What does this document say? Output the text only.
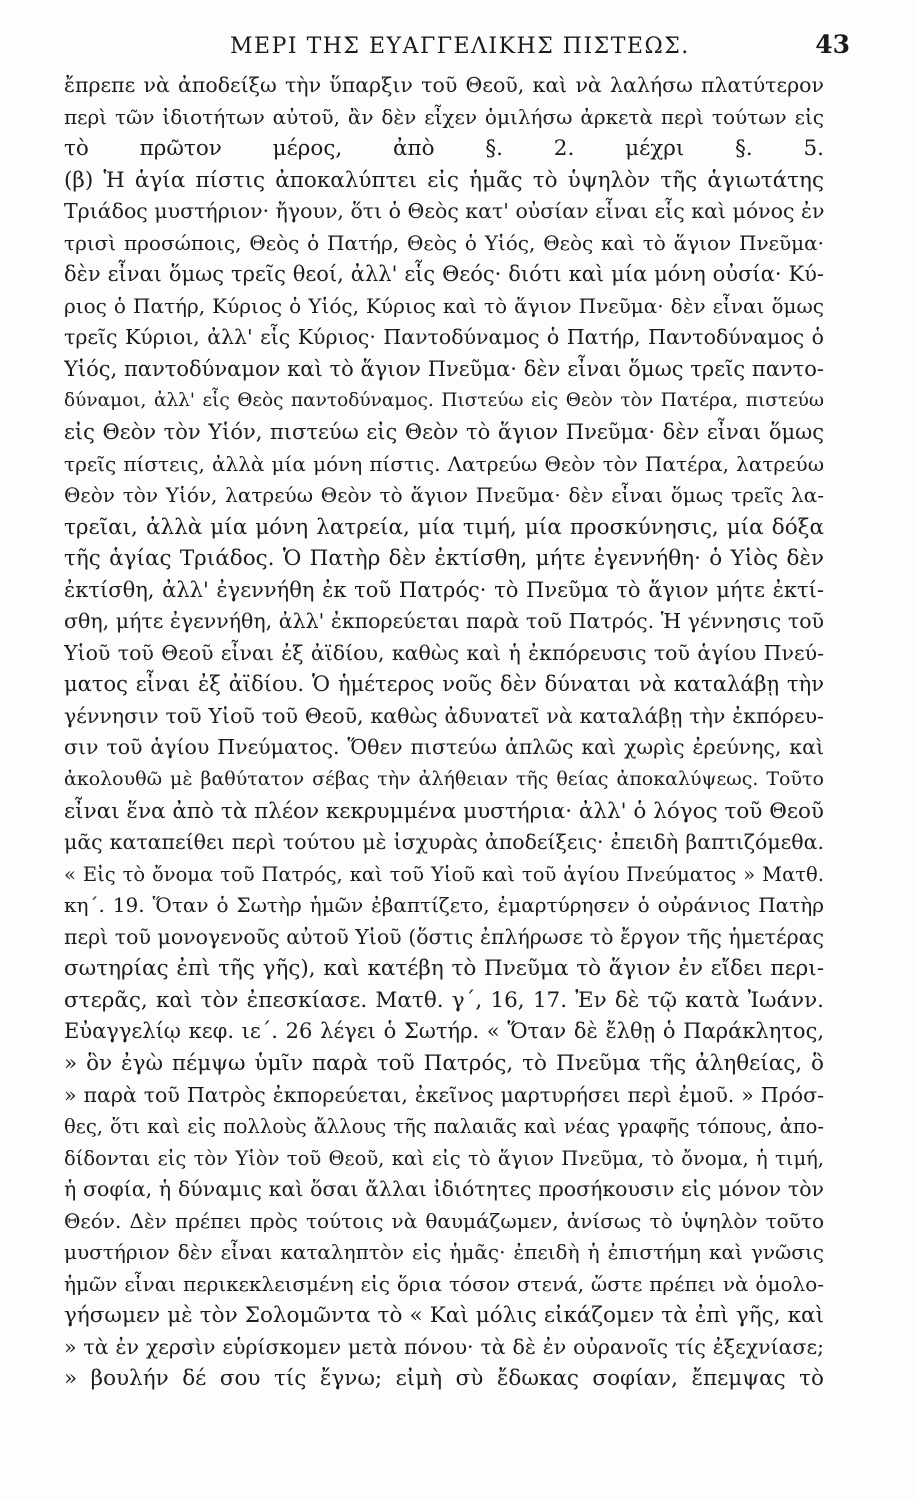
ΜΕΡΙ ΤΗΣ ΕΥΑΓΓΕΛΙΚΗΣ ΠΙΣΤΕΩΣ.	43
ἔπρεπε νὰ ἀποδείξω τὴν ὕπαρξιν τοῦ Θεοῦ, καὶ νὰ λαλήσω πλατύτερον
περὶ τῶν ἰδιοτήτων αὐτοῦ, ἂν δὲν εἶχεν ὁμιλήσω ἀρκετὰ περὶ τούτων εἰς
τὸ πρῶτον μέρος, ἀπὸ §. 2. μέχρι §. 5.
(β) Ἡ ἁγία πίστις ἀποκαλύπτει εἰς ἡμᾶς τὸ ὑψηλὸν τῆς ἁγιωτάτης
Τριάδος μυστήριον· ἤγουν, ὅτι ὁ Θεὸς κατ' οὐσίαν εἶναι εἷς καὶ μόνος ἐν
τρισὶ προσώποις, Θεὸς ὁ Πατήρ, Θεὸς ὁ Υἱός, Θεὸς καὶ τὸ ἅγιον Πνεῦμα·
δὲν εἶναι ὅμως τρεῖς θεοί, ἀλλ' εἷς Θεός· διότι καὶ μία μόνη οὐσία· Κύ-
ριος ὁ Πατήρ, Κύριος ὁ Υἱός, Κύριος καὶ τὸ ἅγιον Πνεῦμα· δὲν εἶναι ὅμως
τρεῖς Κύριοι, ἀλλ' εἷς Κύριος· Παντοδύναμος ὁ Πατήρ, Παντοδύναμος ὁ
Υἱός, παντοδύναμον καὶ τὸ ἅγιον Πνεῦμα· δὲν εἶναι ὅμως τρεῖς παντο-
δύναμοι, ἀλλ' εἷς Θεὸς παντοδύναμος. Πιστεύω εἰς Θεὸν τὸν Πατέρα, πιστεύω
εἰς Θεὸν τὸν Υἱόν, πιστεύω εἰς Θεὸν τὸ ἅγιον Πνεῦμα· δὲν εἶναι ὅμως
τρεῖς πίστεις, ἀλλὰ μία μόνη πίστις. Λατρεύω Θεὸν τὸν Πατέρα, λατρεύω
Θεὸν τὸν Υἱόν, λατρεύω Θεὸν τὸ ἅγιον Πνεῦμα· δὲν εἶναι ὅμως τρεῖς λα-
τρεῖαι, ἀλλὰ μία μόνη λατρεία, μία τιμή, μία προσκύνησις, μία δόξα
τῆς ἁγίας Τριάδος. Ὁ Πατὴρ δὲν ἐκτίσθη, μήτε ἐγεννήθη· ὁ Υἱὸς δὲν
ἐκτίσθη, ἀλλ' ἐγεννήθη ἐκ τοῦ Πατρός· τὸ Πνεῦμα τὸ ἅγιον μήτε ἐκτί-
σθη, μήτε ἐγεννήθη, ἀλλ' ἐκπορεύεται παρὰ τοῦ Πατρός. Ἡ γέννησις τοῦ
Υἱοῦ τοῦ Θεοῦ εἶναι ἐξ ἀϊδίου, καθὼς καὶ ἡ ἐκπόρευσις τοῦ ἁγίου Πνεύ-
ματος εἶναι ἐξ ἀϊδίου. Ὁ ἡμέτερος νοῦς δὲν δύναται νὰ καταλάβῃ τὴν
γέννησιν τοῦ Υἱοῦ τοῦ Θεοῦ, καθὼς ἀδυνατεῖ νὰ καταλάβῃ τὴν ἐκπόρευ-
σιν τοῦ ἁγίου Πνεύματος. Ὅθεν πιστεύω ἁπλῶς καὶ χωρὶς ἐρεύνης, καὶ
ἀκολουθῶ μὲ βαθύτατον σέβας τὴν ἀλήθειαν τῆς θείας ἀποκαλύψεως. Τοῦτο
εἶναι ἕνα ἀπὸ τὰ πλέον κεκρυμμένα μυστήρια· ἀλλ' ὁ λόγος τοῦ Θεοῦ
μᾶς καταπείθει περὶ τούτου μὲ ἰσχυρὰς ἀποδείξεις· ἐπειδὴ βαπτιζόμεθα.
« Εἰς τὸ ὄνομα τοῦ Πατρός, καὶ τοῦ Υἱοῦ καὶ τοῦ ἁγίου Πνεύματος » Ματθ.
κη΄. 19. Ὅταν ὁ Σωτὴρ ἡμῶν ἐβαπτίζετο, ἐμαρτύρησεν ὁ οὐράνιος Πατὴρ
περὶ τοῦ μονογενοῦς αὐτοῦ Υἱοῦ (ὅστις ἐπλήρωσε τὸ ἔργον τῆς ἡμετέρας
σωτηρίας ἐπὶ τῆς γῆς), καὶ κατέβη τὸ Πνεῦμα τὸ ἅγιον ἐν εἴδει περι-
στερᾶς, καὶ τὸν ἐπεσκίασε. Ματθ. γ΄, 16, 17. Ἐν δὲ τῷ κατὰ Ἰωάνν.
Εὐαγγελίῳ κεφ. ιε΄. 26 λέγει ὁ Σωτήρ. « Ὅταν δὲ ἔλθῃ ὁ Παράκλητος,
» ὃν ἐγὼ πέμψω ὑμῖν παρὰ τοῦ Πατρός, τὸ Πνεῦμα τῆς ἀληθείας, ὃ
» παρὰ τοῦ Πατρὸς ἐκπορεύεται, ἐκεῖνος μαρτυρήσει περὶ ἐμοῦ. » Πρόσ-
θες, ὅτι καὶ εἰς πολλοὺς ἄλλους τῆς παλαιᾶς καὶ νέας γραφῆς τόπους, ἀπο-
δίδονται εἰς τὸν Υἱὸν τοῦ Θεοῦ, καὶ εἰς τὸ ἅγιον Πνεῦμα, τὸ ὄνομα, ἡ τιμή,
ἡ σοφία, ἡ δύναμις καὶ ὅσαι ἄλλαι ἰδιότητες προσήκουσιν εἰς μόνον τὸν
Θεόν. Δὲν πρέπει πρὸς τούτοις νὰ θαυμάζωμεν, ἀνίσως τὸ ὑψηλὸν τοῦτο
μυστήριον δὲν εἶναι καταληπτὸν εἰς ἡμᾶς· ἐπειδὴ ἡ ἐπιστήμη καὶ γνῶσις
ἡμῶν εἶναι περικεκλεισμένη εἰς ὅρια τόσον στενά, ὥστε πρέπει νὰ ὁμολο-
γήσωμεν μὲ τὸν Σολομῶντα τὸ « Καὶ μόλις εἰκάζομεν τὰ ἐπὶ γῆς, καὶ
» τὰ ἐν χερσὶν εὑρίσκομεν μετὰ πόνου· τὰ δὲ ἐν οὐρανοῖς τίς ἐξεχνίασε;
» βουλήν δέ σου τίς ἔγνω; εἰμὴ σὺ ἔδωκας σοφίαν, ἔπεμψας τὸ
